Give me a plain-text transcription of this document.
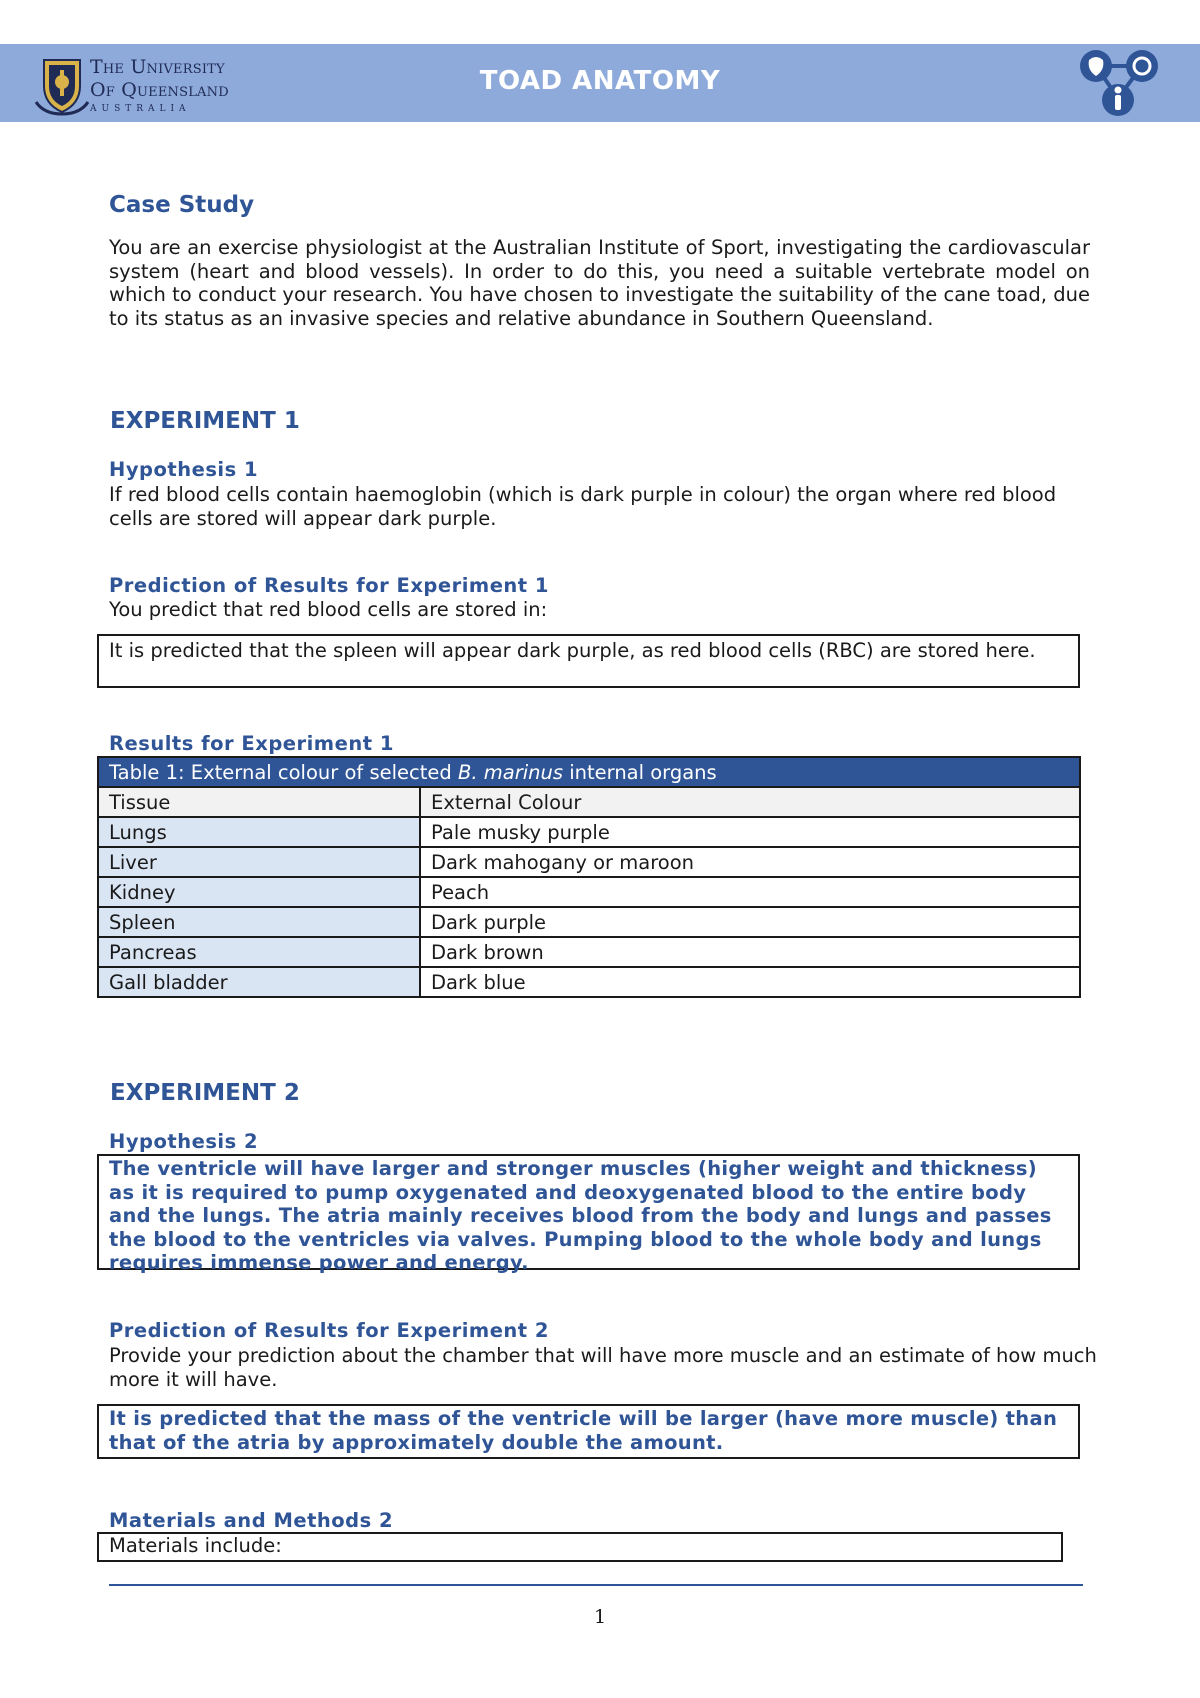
The University
Of Queensland
AUSTRALIA
TOAD ANATOMY
Case Study
You are an exercise physiologist at the Australian Institute of Sport, investigating the cardiovascular system (heart and blood vessels). In order to do this, you need a suitable vertebrate model on which to conduct your research. You have chosen to investigate the suitability of the cane toad, due to its status as an invasive species and relative abundance in Southern Queensland.
EXPERIMENT 1
Hypothesis 1
If red blood cells contain haemoglobin (which is dark purple in colour) the organ where red blood cells are stored will appear dark purple.
Prediction of Results for Experiment 1
You predict that red blood cells are stored in:
It is predicted that the spleen will appear dark purple, as red blood cells (RBC) are stored here.
Results for Experiment 1
Table 1: External colour of selected B. marinus internal organs	
Tissue	External Colour
Lungs	Pale musky purple
Liver	Dark mahogany or maroon
Kidney	Peach
Spleen	Dark purple
Pancreas	Dark brown
Gall bladder	Dark blue
EXPERIMENT 2
Hypothesis 2
The ventricle will have larger and stronger muscles (higher weight and thickness) as it is required to pump oxygenated and deoxygenated blood to the entire body and the lungs. The atria mainly receives blood from the body and lungs and passes the blood to the ventricles via valves. Pumping blood to the whole body and lungs requires immense power and energy.
Prediction of Results for Experiment 2
Provide your prediction about the chamber that will have more muscle and an estimate of how much more it will have.
It is predicted that the mass of the ventricle will be larger (have more muscle) than that of the atria by approximately double the amount.
Materials and Methods 2
Materials include:
1
